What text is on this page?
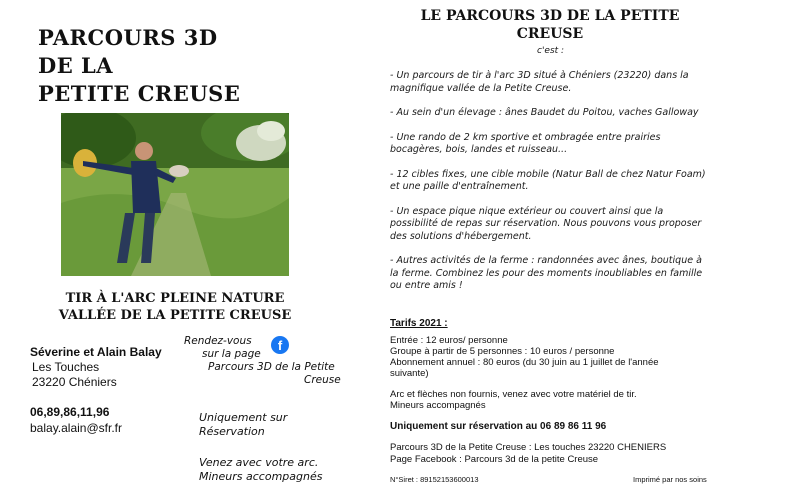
PARCOURS 3D
DE LA
PETITE CREUSE
TIR À L'ARC PLEINE NATURE
VALLÉE DE LA PETITE CREUSE
Séverine et Alain Balay
Les Touches
23220 Chéniers
Rendez-vous
sur la page
Parcours 3D de la Petite
Creuse
f
06,89,86,11,96
balay.alain@sfr.fr
Uniquement sur
Réservation
Venez avec votre arc.
Mineurs accompagnés
LE PARCOURS 3D DE LA PETITE
CREUSE
c'est :

- Un parcours de tir à l'arc 3D situé à Chéniers (23220) dans la magnifique vallée de la Petite Creuse.

- Au sein d'un élevage : ânes Baudet du Poitou, vaches Galloway

- Une rando de 2 km sportive et ombragée entre prairies bocagères, bois, landes et ruisseau...

- 12 cibles fixes, une cible mobile (Natur Ball de chez Natur Foam) et une paille d'entraînement.

- Un espace pique nique extérieur ou couvert ainsi que la possibilité de repas sur réservation. Nous pouvons vous proposer des solutions d'hébergement.

- Autres activités de la ferme : randonnées avec ânes, boutique à la ferme. Combinez les pour des moments inoubliables en famille ou entre amis !

Tarifs 2021 :
Entrée : 12 euros/ personne
Groupe à partir de 5 personnes : 10 euros / personne
Abonnement annuel : 80 euros (du 30 juin au 1 juillet de l'année
suivante)
Arc et flèches non fournis, venez avec votre matériel de tir.
Mineurs accompagnés
Uniquement sur réservation au 06 89 86 11 96
Parcours 3D de la Petite Creuse : Les touches 23220 CHENIERS
Page Facebook : Parcours 3d de la petite Creuse
N°Siret : 89152153600013	Imprimé par nos soins
